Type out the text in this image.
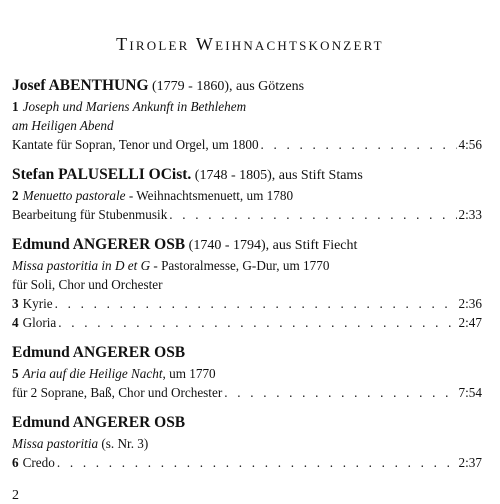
Tiroler Weihnachtskonzert
Josef ABENTHUNG (1779 - 1860), aus Götzens
1 Joseph und Mariens Ankunft in Bethlehem
am Heiligen Abend
Kantate für Sopran, Tenor und Orgel, um 1800 . . .	4:56
Stefan PALUSELLI OCist. (1748 - 1805), aus Stift Stams
2 Menuetto pastorale - Weihnachtsmenuett, um 1780
Bearbeitung für Stubenmusik . . .	2:33
Edmund ANGERER OSB (1740 - 1794), aus Stift Fiecht
Missa pastoritia in D et G - Pastoralmesse, G-Dur, um 1770
für Soli, Chor und Orchester
3 Kyrie . . .	2:36
4 Gloria . . .	2:47
Edmund ANGERER OSB
5 Aria auf die Heilige Nacht, um 1770
für 2 Soprane, Baß, Chor und Orchester . . .	7:54
Edmund ANGERER OSB
Missa pastoritia (s. Nr. 3)
6 Credo . . .	2:37
2
